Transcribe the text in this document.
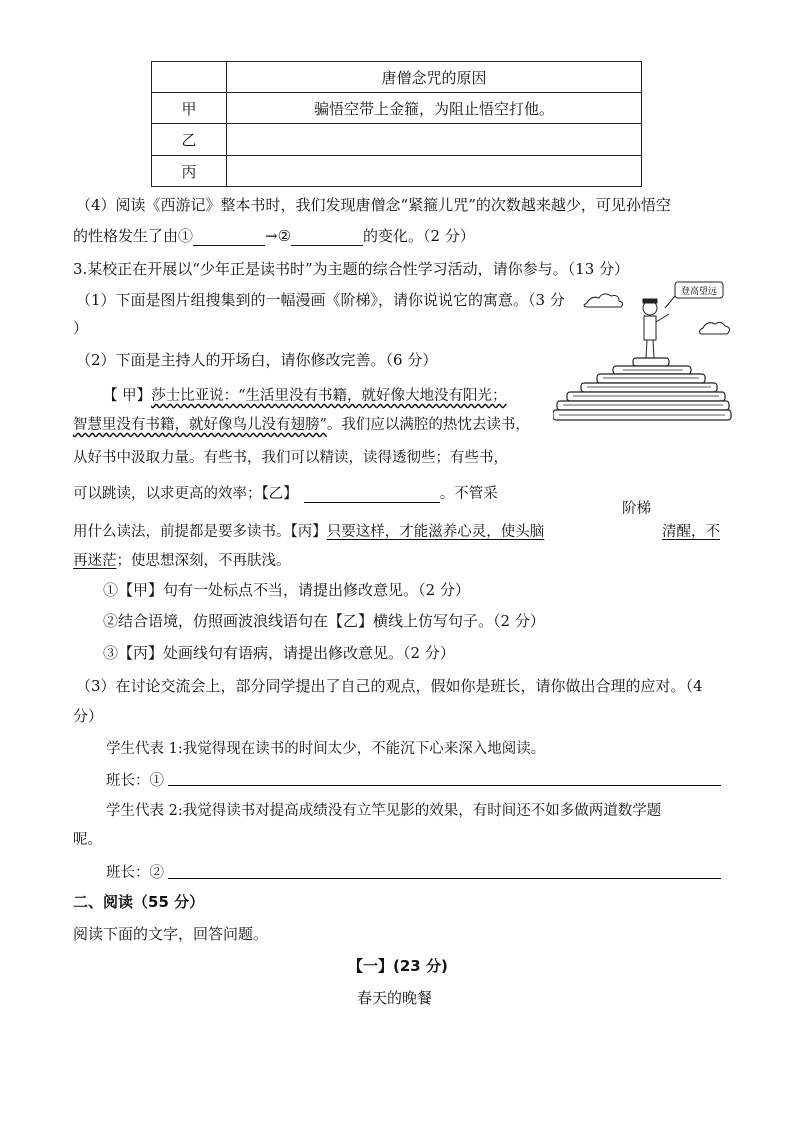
	唐僧念咒的原因
甲	骗悟空带上金箍，为阻止悟空打他。
乙	
丙	
（4）阅读《西游记》整本书时，我们发现唐僧念“紧箍儿咒”的次数越来越少，可见孙悟空
的性格发生了由①	→②	的变化。（2 分）
3.某校正在开展以“少年正是读书时”为主题的综合性学习活动，请你参与。（13 分）
（1）下面是图片组搜集到的一幅漫画《阶梯》，请你说说它的寓意。（3 分
）
（2）下面是主持人的开场白，请你修改完善。（6 分）
登高望远
阶梯
【 甲】莎士比亚说：“生活里没有书籍，就好像大地没有阳光；
智慧里没有书籍，就好像鸟儿没有翅膀”。我们应以满腔的热忱去读书，
从好书中汲取力量。有些书，我们可以精读，读得透彻些；有些书，
可以跳读，以求更高的效率；【乙】	。不管采
用什么读法，前提都是要多读书。【丙】只要这样，才能滋养心灵，使头脑	清醒，不
再迷茫；使思想深刻，不再肤浅。
①【甲】句有一处标点不当，请提出修改意见。（2 分）
②结合语境，仿照画波浪线语句在【乙】横线上仿写句子。（2 分）
③【丙】处画线句有语病，请提出修改意见。（2 分）
（3）在讨论交流会上，部分同学提出了自己的观点，假如你是班长，请你做出合理的应对。（4
分）
学生代表 1:我觉得现在读书的时间太少，不能沉下心来深入地阅读。
班长：①
学生代表 2:我觉得读书对提高成绩没有立竿见影的效果，有时间还不如多做两道数学题
呢。
班长：②
二、阅读（55 分）
阅读下面的文字，回答问题。
【一】(23 分)
春天的晚餐
